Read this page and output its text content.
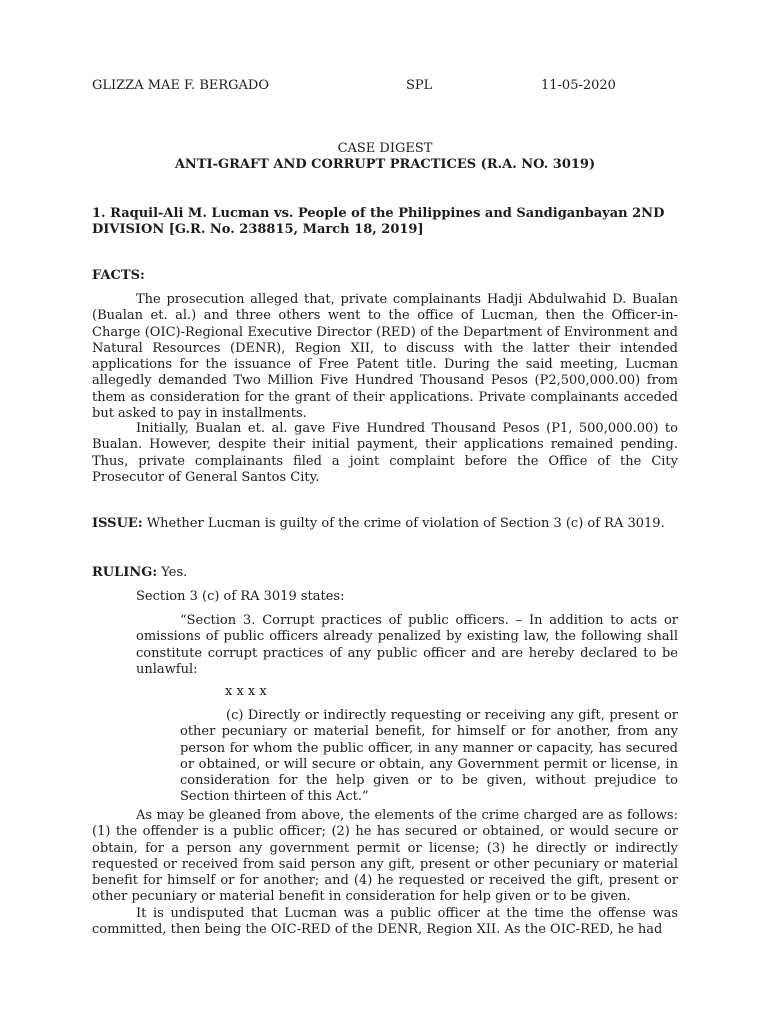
GLIZZA MAE F. BERGADO	SPL	11-05-2020
CASE DIGEST
ANTI-GRAFT AND CORRUPT PRACTICES (R.A. NO. 3019)
1. Raquil-Ali M. Lucman vs. People of the Philippines and Sandiganbayan 2ND DIVISION [G.R. No. 238815, March 18, 2019]
FACTS:
The prosecution alleged that, private complainants Hadji Abdulwahid D. Bualan (Bualan et. al.) and three others went to the office of Lucman, then the Officer-in-Charge (OIC)-Regional Executive Director (RED) of the Department of Environment and Natural Resources (DENR), Region XII, to discuss with the latter their intended applications for the issuance of Free Patent title. During the said meeting, Lucman allegedly demanded Two Million Five Hundred Thousand Pesos (P2,500,000.00) from them as consideration for the grant of their applications. Private complainants acceded but asked to pay in installments.
Initially, Bualan et. al. gave Five Hundred Thousand Pesos (P1, 500,000.00) to Bualan. However, despite their initial payment, their applications remained pending. Thus, private complainants filed a joint complaint before the Office of the City Prosecutor of General Santos City.
ISSUE: Whether Lucman is guilty of the crime of violation of Section 3 (c) of RA 3019.
RULING: Yes.
Section 3 (c) of RA 3019 states:
“Section 3. Corrupt practices of public officers. – In addition to acts or omissions of public officers already penalized by existing law, the following shall constitute corrupt practices of any public officer and are hereby declared to be unlawful:
x x x x
(c) Directly or indirectly requesting or receiving any gift, present or other pecuniary or material benefit, for himself or for another, from any person for whom the public officer, in any manner or capacity, has secured or obtained, or will secure or obtain, any Government permit or license, in consideration for the help given or to be given, without prejudice to Section thirteen of this Act.”
As may be gleaned from above, the elements of the crime charged are as follows: (1) the offender is a public officer; (2) he has secured or obtained, or would secure or obtain, for a person any government permit or license; (3) he directly or indirectly requested or received from said person any gift, present or other pecuniary or material benefit for himself or for another; and (4) he requested or received the gift, present or other pecuniary or material benefit in consideration for help given or to be given.
It is undisputed that Lucman was a public officer at the time the offense was committed, then being the OIC-RED of the DENR, Region XII. As the OIC-RED, he had
